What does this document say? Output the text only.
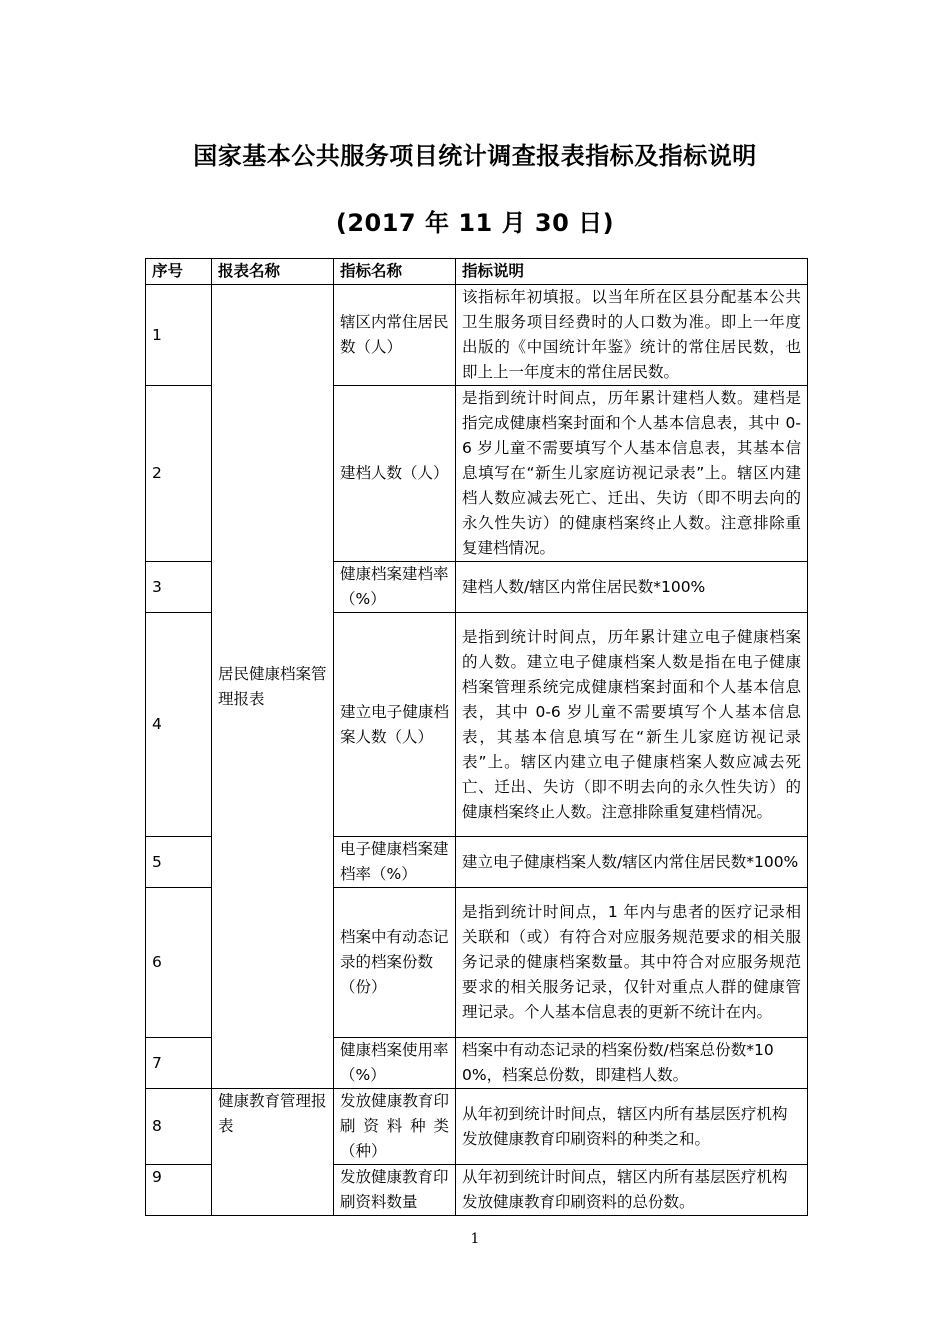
国家基本公共服务项目统计调查报表指标及指标说明
(2017 年 11 月 30 日)
序号	报表名称	指标名称	指标说明
1	居民健康档案管理报表	辖区内常住居民数（人）	该指标年初填报。以当年所在区县分配基本公共卫生服务项目经费时的人口数为准。即上一年度出版的《中国统计年鉴》统计的常住居民数，也即上上一年度末的常住居民数。
2		建档人数（人）	是指到统计时间点，历年累计建档人数。建档是指完成健康档案封面和个人基本信息表，其中 0-6 岁儿童不需要填写个人基本信息表，其基本信息填写在“新生儿家庭访视记录表”上。辖区内建档人数应减去死亡、迁出、失访（即不明去向的永久性失访）的健康档案终止人数。注意排除重复建档情况。
3		健康档案建档率（%）	建档人数/辖区内常住居民数*100%
4		建立电子健康档案人数（人）	是指到统计时间点，历年累计建立电子健康档案的人数。建立电子健康档案人数是指在电子健康档案管理系统完成健康档案封面和个人基本信息表，其中 0-6 岁儿童不需要填写个人基本信息表，其基本信息填写在“新生儿家庭访视记录表”上。辖区内建立电子健康档案人数应减去死亡、迁出、失访（即不明去向的永久性失访）的健康档案终止人数。注意排除重复建档情况。
5		电子健康档案建档率（%）	建立电子健康档案人数/辖区内常住居民数*100%
6		档案中有动态记录的档案份数（份）	是指到统计时间点，1 年内与患者的医疗记录相关联和（或）有符合对应服务规范要求的相关服务记录的健康档案数量。其中符合对应服务规范要求的相关服务记录，仅针对重点人群的健康管理记录。个人基本信息表的更新不统计在内。
7		健康档案使用率（%）	档案中有动态记录的档案份数/档案总份数*100%，档案总份数，即建档人数。
8	健康教育管理报表	发放健康教育印刷资料种类（种）	从年初到统计时间点，辖区内所有基层医疗机构发放健康教育印刷资料的种类之和。
9		发放健康教育印刷资料数量	从年初到统计时间点，辖区内所有基层医疗机构发放健康教育印刷资料的总份数。
1
